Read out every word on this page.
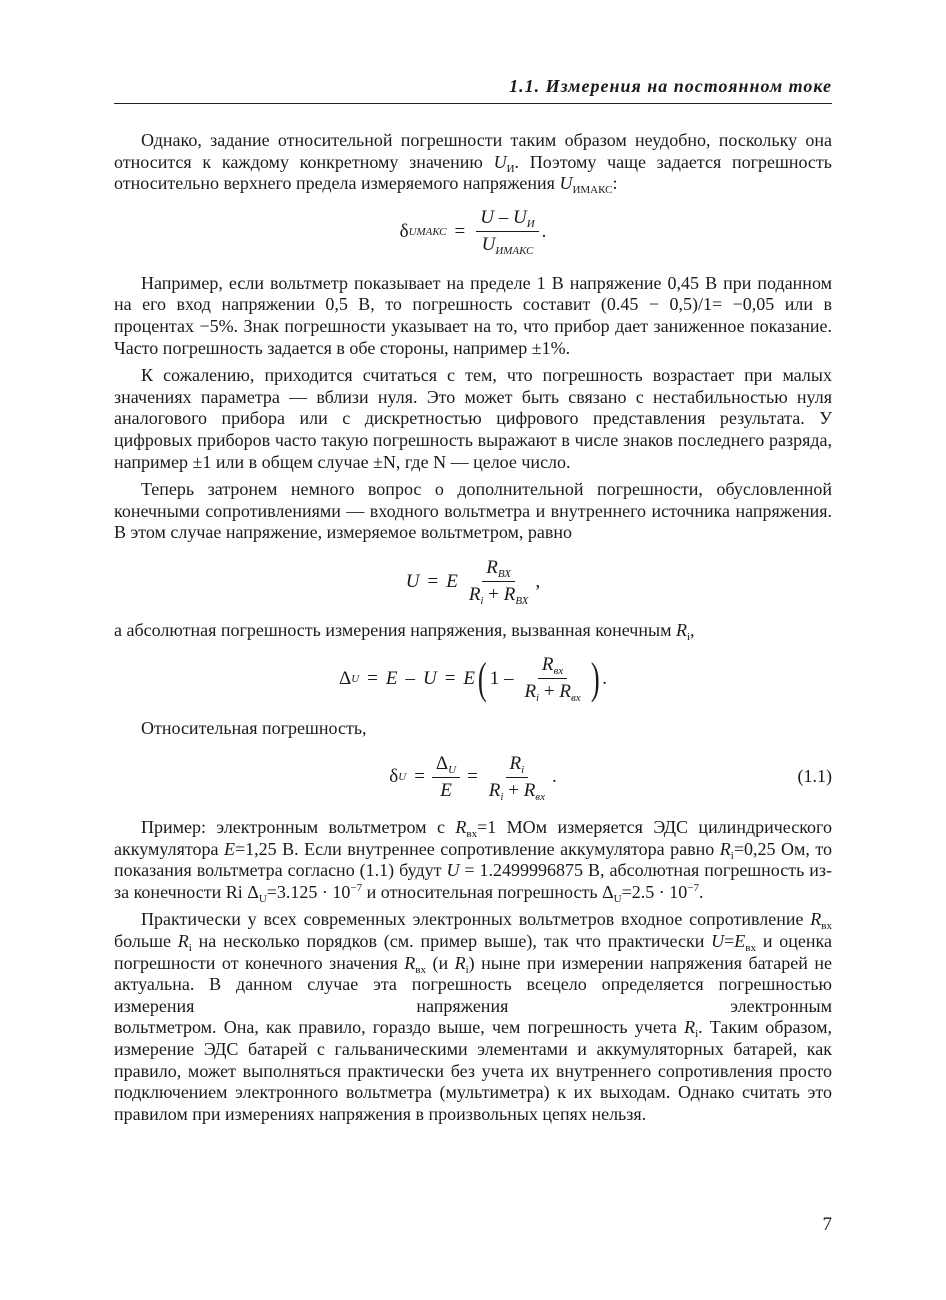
1.1. Измерения на постоянном токе

Однако, задание относительной погрешности таким образом неудобно, поскольку она относится к каждому конкретному значению $U_И$. Поэтому чаще задается погрешность относительно верхнего предела измеряемого напряжения $U_{ИМАКС}$:

δ UМАКС = $\frac{U - U_И}{U_{ИМАКС}}$ .

Например, если вольтметр показывает на пределе 1 В напряжение 0,45 В при поданном на его вход напряжении 0,5 В, то погрешность составит (0.45 − 0,5)/1= −0,05 или в процентах −5%. Знак погрешности указывает на то, что прибор дает заниженное показание. Часто погрешность задается в обе стороны, например ±1%.

К сожалению, приходится считаться с тем, что погрешность возрастает при малых значениях параметра — вблизи нуля. Это может быть связано с нестабильностью нуля аналогового прибора или с дискретностью цифрового представления результата. У цифровых приборов часто такую погрешность выражают в числе знаков последнего разряда, например ±1 или в общем случае ±N, где N — целое число.

Теперь затронем немного вопрос о дополнительной погрешности, обусловленной конечными сопротивлениями — входного вольтметра и внутреннего источника напряжения. В этом случае напряжение, измеряемое вольтметром, равно

U = E $\frac{R_{ВХ}}{R_i + R_{ВХ}}$ ,

а абсолютная погрешность измерения напряжения, вызванная конечным $R_i$,

Δ U = E – U = E ( $1 - \frac{R_{вх}}{R_i + R_{вх}}$ ) .

Относительная погрешность,

δ $U = \frac{\Delta_U}{E} = \frac{R_i}{R_i + R_{вх}}$ .	(1.1)

Пример: электронным вольтметром с $R_{вх}=1$ МОм измеряется ЭДС цилиндрического аккумулятора E=1,25 В. Если внутреннее сопротивление аккумулятора равно $R_i=0,25$ Ом, то показания вольтметра согласно (1.1) будут U = 1.2499996875 В, абсолютная погрешность из-за конечности Ri $\Delta_U=3.125 \cdot 10^{-7}$ и относительная погрешность $\Delta_U=2.5 \cdot 10^{-7}$.

Практически у всех современных электронных вольтметров входное сопротивление $R_{вх}$ больше $R_i$ на несколько порядков (см. пример выше), так что практически $U=E_{вх}$ и оценка погрешности от конечного значения $R_{вх}$ (и $R_i$) ныне при измерении напряжения батарей не актуальна. В данном случае эта погрешность всецело определяется погрешностью измерения напряжения электронным

вольтметром. Она, как правило, гораздо выше, чем погрешность учета $R_i$. Таким образом, измерение ЭДС батарей с гальваническими элементами и аккумуляторных батарей, как правило, может выполняться практически без учета их внутреннего сопротивления просто подключением электронного вольтметра (мультиметра) к их выходам. Однако считать это правилом при измерениях напряжения в произвольных цепях нельзя.

7
